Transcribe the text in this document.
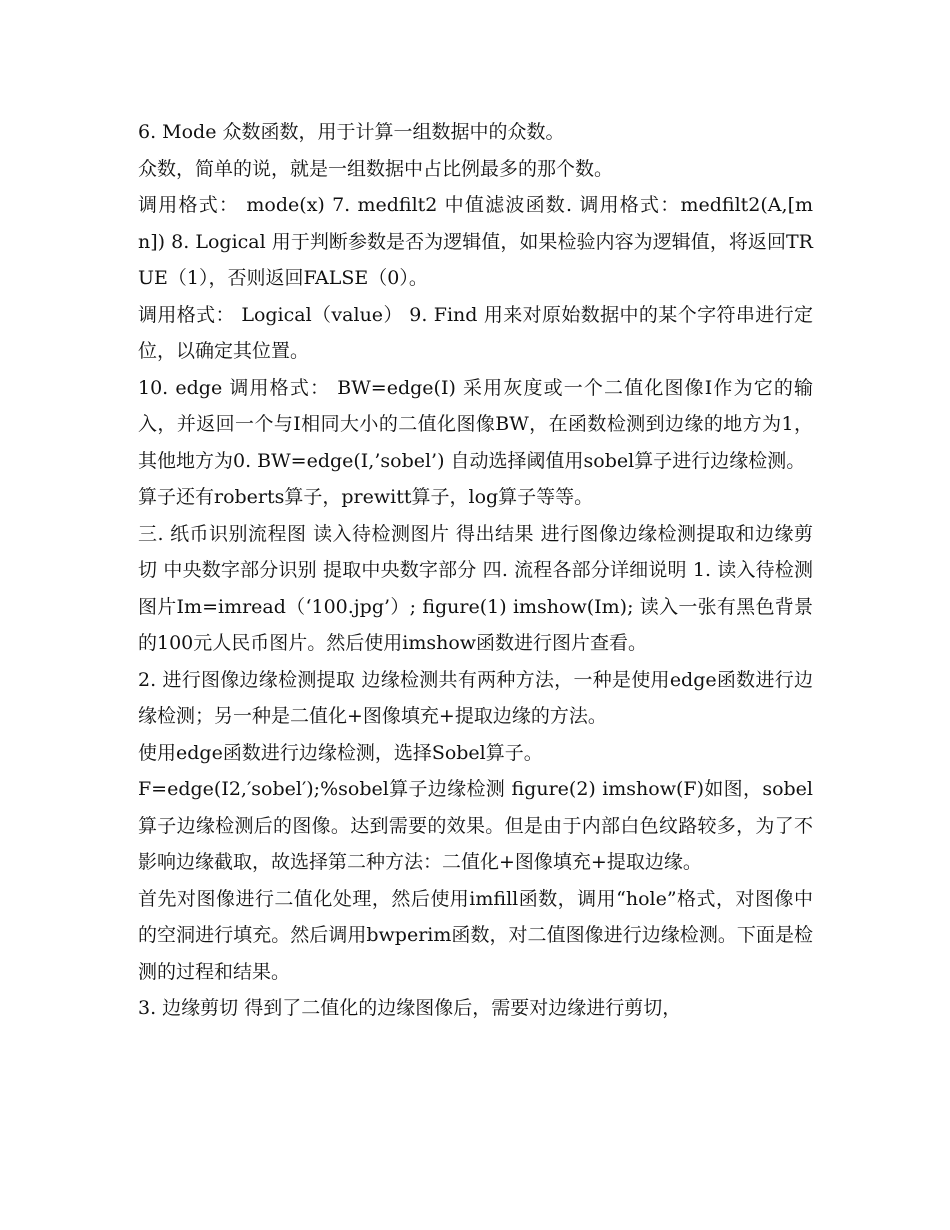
6. Mode 众数函数，用于计算一组数据中的众数。

众数，简单的说，就是一组数据中占比例最多的那个数。

调用格式： mode(x) 7. medfilt2 中值滤波函数. 调用格式：medfilt2(A,[m n]) 8. Logical 用于判断参数是否为逻辑值，如果检验内容为逻辑值，将返回TRUE（1），否则返回FALSE（0）。

调用格式： Logical（value） 9. Find 用来对原始数据中的某个字符串进行定位，以确定其位置。

10. edge 调用格式： BW=edge(I) 采用灰度或一个二值化图像I作为它的输入，并返回一个与I相同大小的二值化图像BW，在函数检测到边缘的地方为1，其他地方为0. BW=edge(I,’sobel’) 自动选择阈值用sobel算子进行边缘检测。

算子还有roberts算子，prewitt算子，log算子等等。

三. 纸币识别流程图 读入待检测图片 得出结果 进行图像边缘检测提取和边缘剪切 中央数字部分识别 提取中央数字部分 四. 流程各部分详细说明 1. 读入待检测图片Im=imread（‘100.jpg’）; figure(1) imshow(Im); 读入一张有黑色背景的100元人民币图片。然后使用imshow函数进行图片查看。

2. 进行图像边缘检测提取 边缘检测共有两种方法，一种是使用edge函数进行边缘检测；另一种是二值化+图像填充+提取边缘的方法。

使用edge函数进行边缘检测，选择Sobel算子。

F=edge(I2,′sobel′);%sobel算子边缘检测 figure(2) imshow(F)如图，sobel算子边缘检测后的图像。达到需要的效果。但是由于内部白色纹路较多，为了不影响边缘截取，故选择第二种方法：二值化+图像填充+提取边缘。

首先对图像进行二值化处理，然后使用imfill函数，调用“hole”格式，对图像中的空洞进行填充。然后调用bwperim函数，对二值图像进行边缘检测。下面是检测的过程和结果。

3. 边缘剪切 得到了二值化的边缘图像后，需要对边缘进行剪切，
